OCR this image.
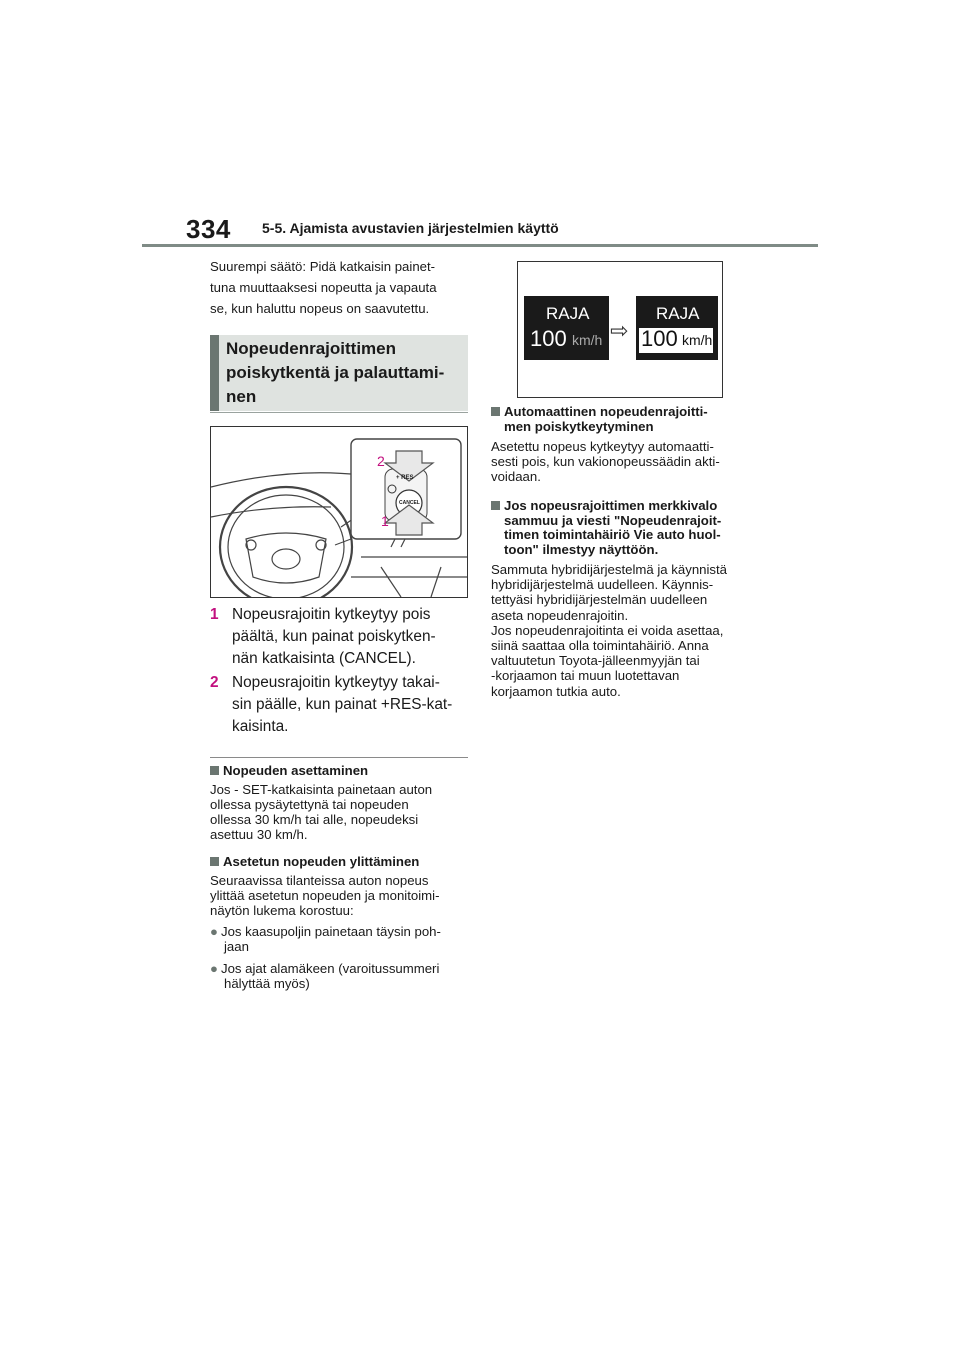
334 5-5. Ajamista avustavien järjestelmien käyttö
Suurempi säätö: Pidä katkaisin painet-
tuna muuttaaksesi nopeutta ja vapauta
se, kun haluttu nopeus on saavutettu.
Nopeudenrajoittimen
poiskytkentä ja palauttami-
nen
+ RES
CANCEL
2
1
1 Nopeusrajoitin kytkeytyy pois
päältä, kun painat poiskytken-
nän katkaisinta (CANCEL).
2 Nopeusrajoitin kytkeytyy takai-
sin päälle, kun painat +RES-kat-
kaisinta.
Nopeuden asettaminen
Jos - SET-katkaisinta painetaan auton
ollessa pysäytettynä tai nopeuden
ollessa 30 km/h tai alle, nopeudeksi
asettuu 30 km/h.
Asetetun nopeuden ylittäminen
Seuraavissa tilanteissa auton nopeus
ylittää asetetun nopeuden ja monitoimi-
näytön lukema korostuu:
● Jos kaasupoljin painetaan täysin poh-
jaan
● Jos ajat alamäkeen (varoitussummeri
hälyttää myös)
RAJA
100 km/h ⇨
RAJA
100 km/h
Automaattinen nopeudenrajoitti-
men poiskytkeytyminen
Asetettu nopeus kytkeytyy automaatti-
sesti pois, kun vakionopeussäädin akti-
voidaan.
Jos nopeusrajoittimen merkkivalo
sammuu ja viesti "Nopeudenrajoit-
timen toimintahäiriö Vie auto huol-
toon" ilmestyy näyttöön.
Sammuta hybridijärjestelmä ja käynnistä
hybridijärjestelmä uudelleen. Käynnis-
tettyäsi hybridijärjestelmän uudelleen
aseta nopeudenrajoitin.
Jos nopeudenrajoitinta ei voida asettaa,
siinä saattaa olla toimintahäiriö. Anna
valtuutetun Toyota-jälleenmyyjän tai
-korjaamon tai muun luotettavan
korjaamon tutkia auto.
